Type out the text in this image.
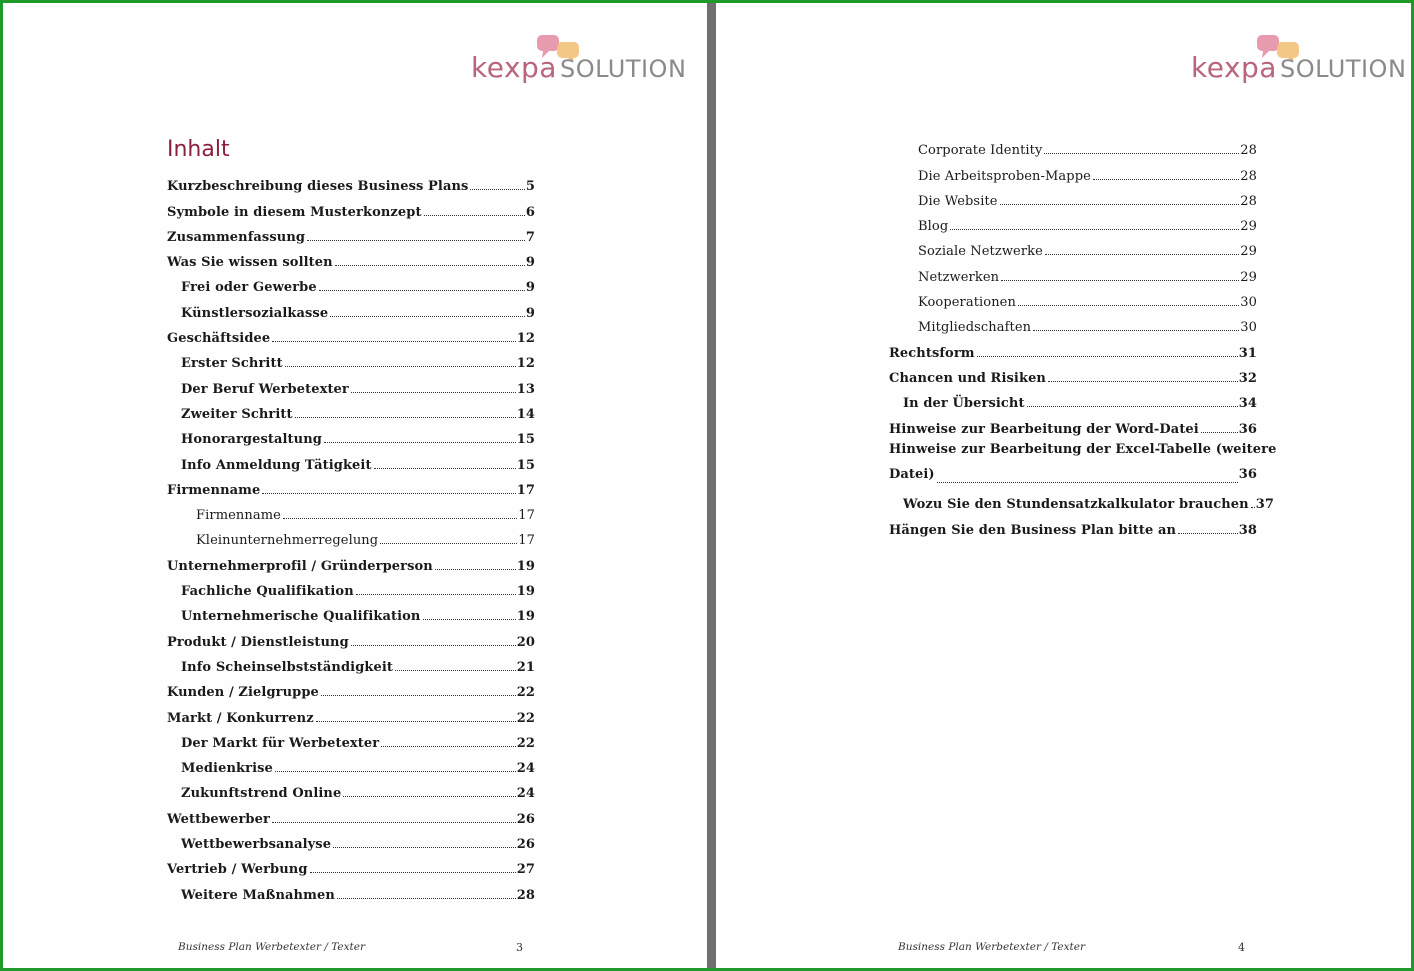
kexpa SOLUTION
Inhalt
Kurzbeschreibung dieses Business Plans	5
Symbole in diesem Musterkonzept	6
Zusammenfassung	7
Was Sie wissen sollten	9
Frei oder Gewerbe	9
Künstlersozialkasse	9
Geschäftsidee	12
Erster Schritt	12
Der Beruf Werbetexter	13
Zweiter Schritt	14
Honorargestaltung	15
Info Anmeldung Tätigkeit	15
Firmenname	17
Firmenname	17
Kleinunternehmerregelung	17
Unternehmerprofil / Gründerperson	19
Fachliche Qualifikation	19
Unternehmerische Qualifikation	19
Produkt / Dienstleistung	20
Info Scheinselbstständigkeit	21
Kunden / Zielgruppe	22
Markt / Konkurrenz	22
Der Markt für Werbetexter	22
Medienkrise	24
Zukunftstrend Online	24
Wettbewerber	26
Wettbewerbsanalyse	26
Vertrieb / Werbung	27
Weitere Maßnahmen	28
Business Plan Werbetexter / Texter	3
kexpa SOLUTION
Corporate Identity	28
Die Arbeitsproben-Mappe	28
Die Website	28
Blog	29
Soziale Netzwerke	29
Netzwerken	29
Kooperationen	30
Mitgliedschaften	30
Rechtsform	31
Chancen und Risiken	32
In der Übersicht	34
Hinweise zur Bearbeitung der Word-Datei	36
Hinweise zur Bearbeitung der Excel-Tabelle (weitere
Datei)	36
Wozu Sie den Stundensatzkalkulator brauchen 37
Hängen Sie den Business Plan bitte an	38
Business Plan Werbetexter / Texter	4
